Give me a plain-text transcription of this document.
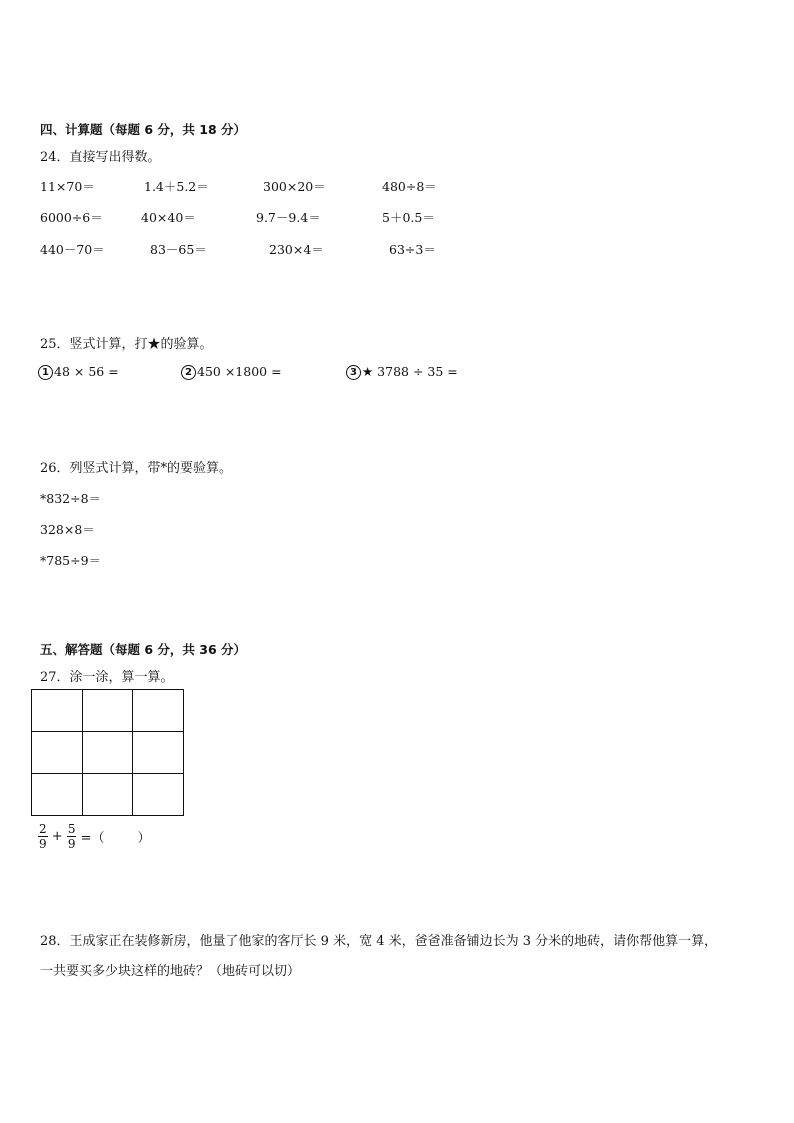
四、计算题（每题 6 分，共 18 分）
24．直接写出得数。
11×70＝	1.4＋5.2＝	300×20＝	480÷8＝
6000÷6＝	40×40＝	9.7－9.4＝	5＋0.5＝
440－70＝	83－65＝	230×4＝	63÷3＝
25．竖式计算，打★的验算。
1 48 × 56 =	2 450 ×1800 =	3 ★ 3788 ÷ 35 =
26．列竖式计算，带*的要验算。
*832÷8＝
328×8＝
*785÷9＝
五、解答题（每题 6 分，共 36 分）
27．涂一涂，算一算。
$\frac{2}{9} + \frac{5}{9}$ =（        ）
28．王成家正在装修新房，他量了他家的客厅长 9 米，宽 4 米，爸爸准备铺边长为 3 分米的地砖，请你帮他算一算，
一共要买多少块这样的地砖？（地砖可以切）
